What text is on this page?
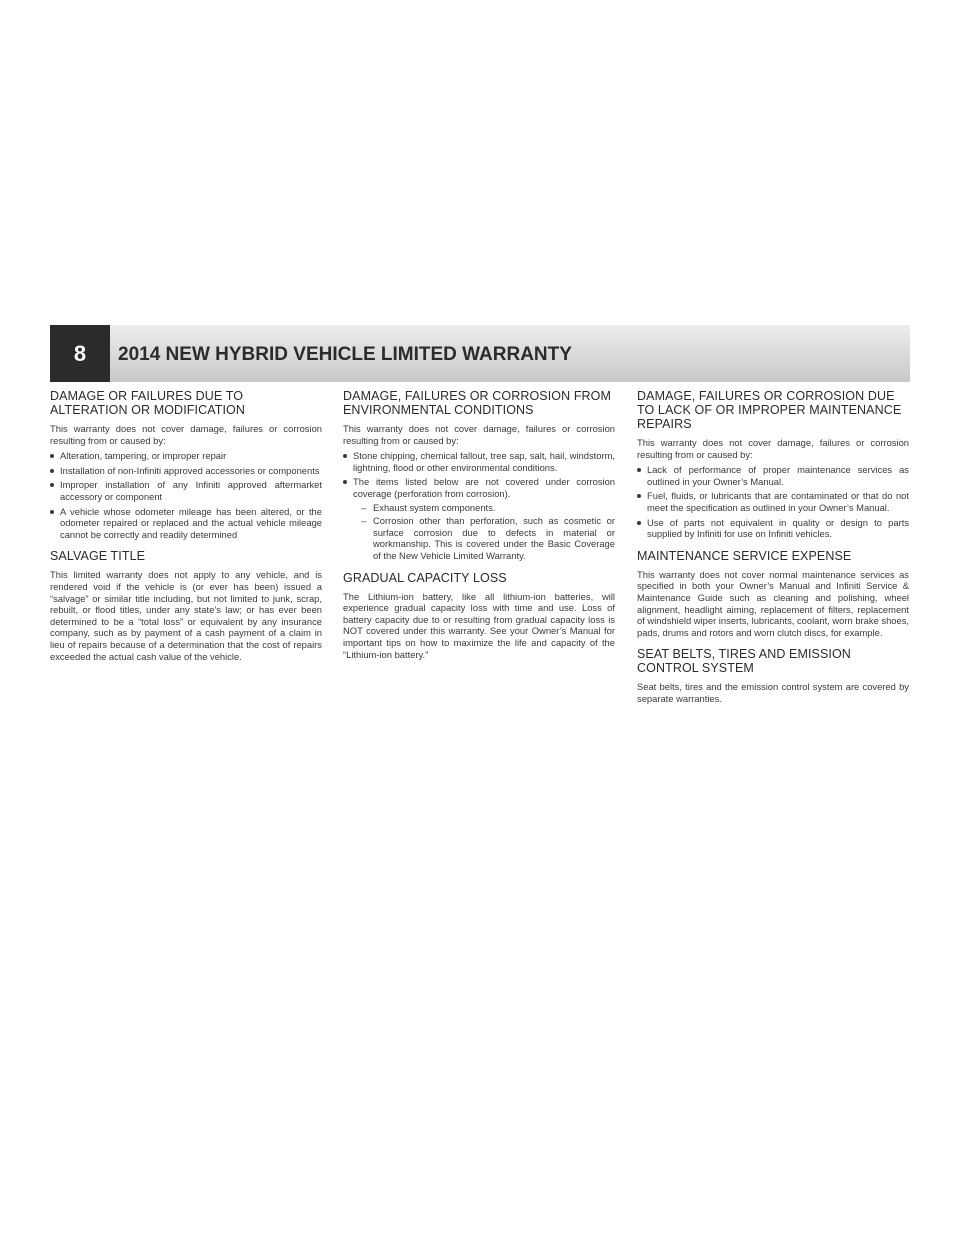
8	2014 NEW HYBRID VEHICLE LIMITED WARRANTY
DAMAGE OR FAILURES DUE TO ALTERATION OR MODIFICATION

This warranty does not cover damage, failures or corrosion resulting from or caused by:

Alteration, tampering, or improper repair
Installation of non-Infiniti approved accessories or components
Improper installation of any Infiniti approved aftermarket accessory or component
A vehicle whose odometer mileage has been altered, or the odometer repaired or replaced and the actual vehicle mileage cannot be correctly and readily determined
SALVAGE TITLE

This limited warranty does not apply to any vehicle, and is rendered void if the vehicle is (or ever has been) issued a “salvage” or similar title including, but not limited to junk, scrap, rebuilt, or flood titles, under any state’s law; or has ever been determined to be a “total loss” or equivalent by any insurance company, such as by payment of a cash payment of a claim in lieu of repairs because of a determination that the cost of repairs exceeded the actual cash value of the vehicle.

DAMAGE, FAILURES OR CORROSION FROM ENVIRONMENTAL CONDITIONS

This warranty does not cover damage, failures or corrosion resulting from or caused by:

Stone chipping, chemical fallout, tree sap, salt, hail, windstorm, lightning, flood or other environmental conditions.
The items listed below are not covered under corrosion coverage (perforation from corrosion).
– Exhaust system components.
– Corrosion other than perforation, such as cosmetic or surface corrosion due to defects in material or workmanship. This is covered under the Basic Coverage of the New Vehicle Limited Warranty.
GRADUAL CAPACITY LOSS

The Lithium-ion battery, like all lithium-ion batteries, will experience gradual capacity loss with time and use. Loss of battery capacity due to or resulting from gradual capacity loss is NOT covered under this warranty. See your Owner’s Manual for important tips on how to maximize the life and capacity of the “Lithium-ion battery.”

DAMAGE, FAILURES OR CORROSION DUE TO LACK OF OR IMPROPER MAINTENANCE REPAIRS

This warranty does not cover damage, failures or corrosion resulting from or caused by:

Lack of performance of proper maintenance services as outlined in your Owner’s Manual.
Fuel, fluids, or lubricants that are contaminated or that do not meet the specification as outlined in your Owner’s Manual.
Use of parts not equivalent in quality or design to parts supplied by Infiniti for use on Infiniti vehicles.
MAINTENANCE SERVICE EXPENSE

This warranty does not cover normal maintenance services as specified in both your Owner’s Manual and Infiniti Service & Maintenance Guide such as cleaning and polishing, wheel alignment, headlight aiming, replacement of filters, replacement of windshield wiper inserts, lubricants, coolant, worn brake shoes, pads, drums and rotors and worn clutch discs, for example.

SEAT BELTS, TIRES AND EMISSION CONTROL SYSTEM

Seat belts, tires and the emission control system are covered by separate warranties.
